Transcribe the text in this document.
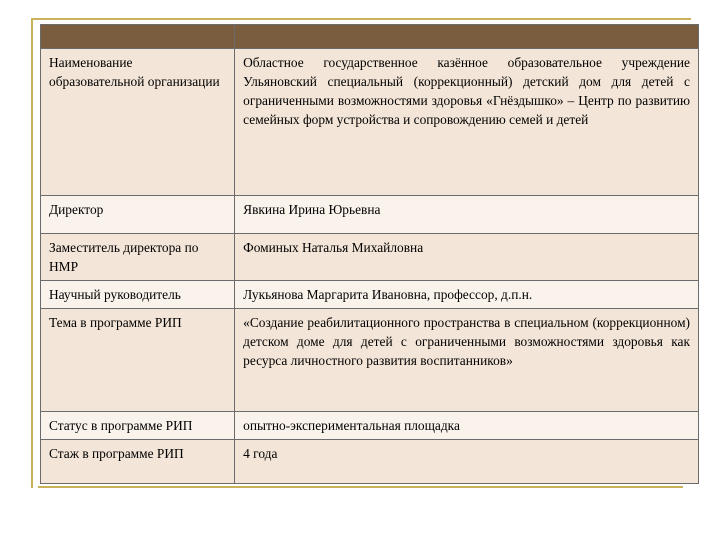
Наименование образовательной организации	Областное государственное казённое образовательное учреждение Ульяновский специальный (коррекционный) детский дом для детей с ограниченными возможностями здоровья «Гнёздышко» – Центр по развитию семейных форм устройства и сопровождению семей и детей
Директор	Явкина Ирина Юрьевна
Заместитель директора по НМР	Фоминых Наталья Михайловна
Научный руководитель	Лукьянова Маргарита Ивановна, профессор, д.п.н.
Тема в программе РИП	«Создание реабилитационного пространства в специальном (коррекционном) детском доме для детей с ограниченными возможностями здоровья как ресурса личностного развития воспитанников»
Статус в программе РИП	опытно-экспериментальная площадка
Стаж в программе РИП	4 года
